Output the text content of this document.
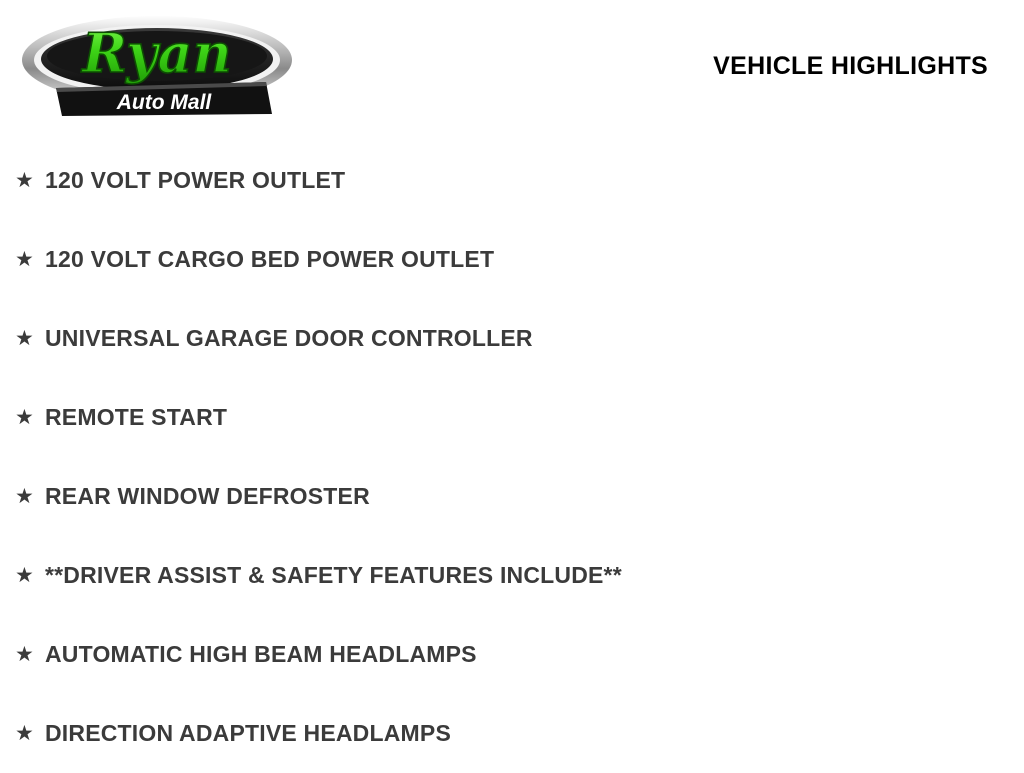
Ryan
Auto Mall
VEHICLE HIGHLIGHTS
★ 120 VOLT POWER OUTLET
★ 120 VOLT CARGO BED POWER OUTLET
★ UNIVERSAL GARAGE DOOR CONTROLLER
★ REMOTE START
★ REAR WINDOW DEFROSTER
★ **DRIVER ASSIST & SAFETY FEATURES INCLUDE**
★ AUTOMATIC HIGH BEAM HEADLAMPS
★ DIRECTION ADAPTIVE HEADLAMPS
